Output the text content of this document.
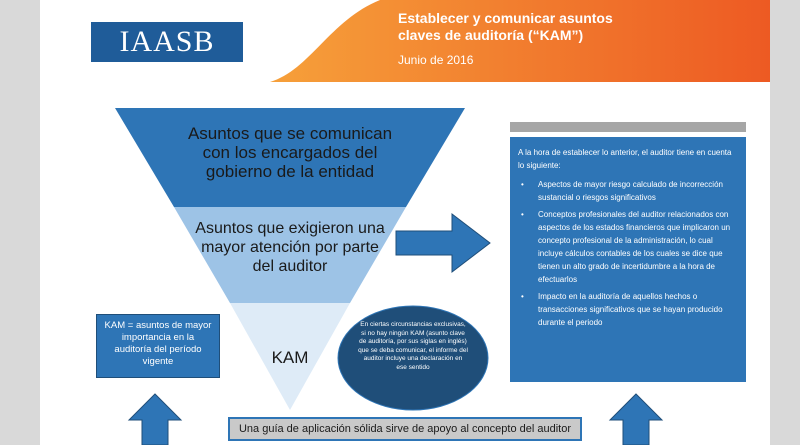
IAASB
Establecer y comunicar asuntos claves de auditoría (“KAM”)
Junio de 2016
Asuntos que se comunican con los encargados del gobierno de la entidad
Asuntos que exigieron una mayor atención por parte del auditor
KAM
KAM = asuntos de mayor importancia en la auditoría del período vigente
En ciertas circunstancias exclusivas, si no hay ningún KAM (asunto clave de auditoría, por sus siglas en inglés) que se deba comunicar, el informe del auditor incluye una declaración en ese sentido
Una guía de aplicación sólida sirve de apoyo al concepto del auditor

A la hora de establecer lo anterior, el auditor tiene en cuenta lo siguiente:

• Aspectos de mayor riesgo calculado de incorrección sustancial o riesgos significativos
• Conceptos profesionales del auditor relacionados con aspectos de los estados financieros que implicaron un concepto profesional de la administración, lo cual incluye cálculos contables de los cuales se dice que tienen un alto grado de incertidumbre a la hora de efectuarlos
• Impacto en la auditoría de aquellos hechos o transacciones significativos que se hayan producido durante el periodo
